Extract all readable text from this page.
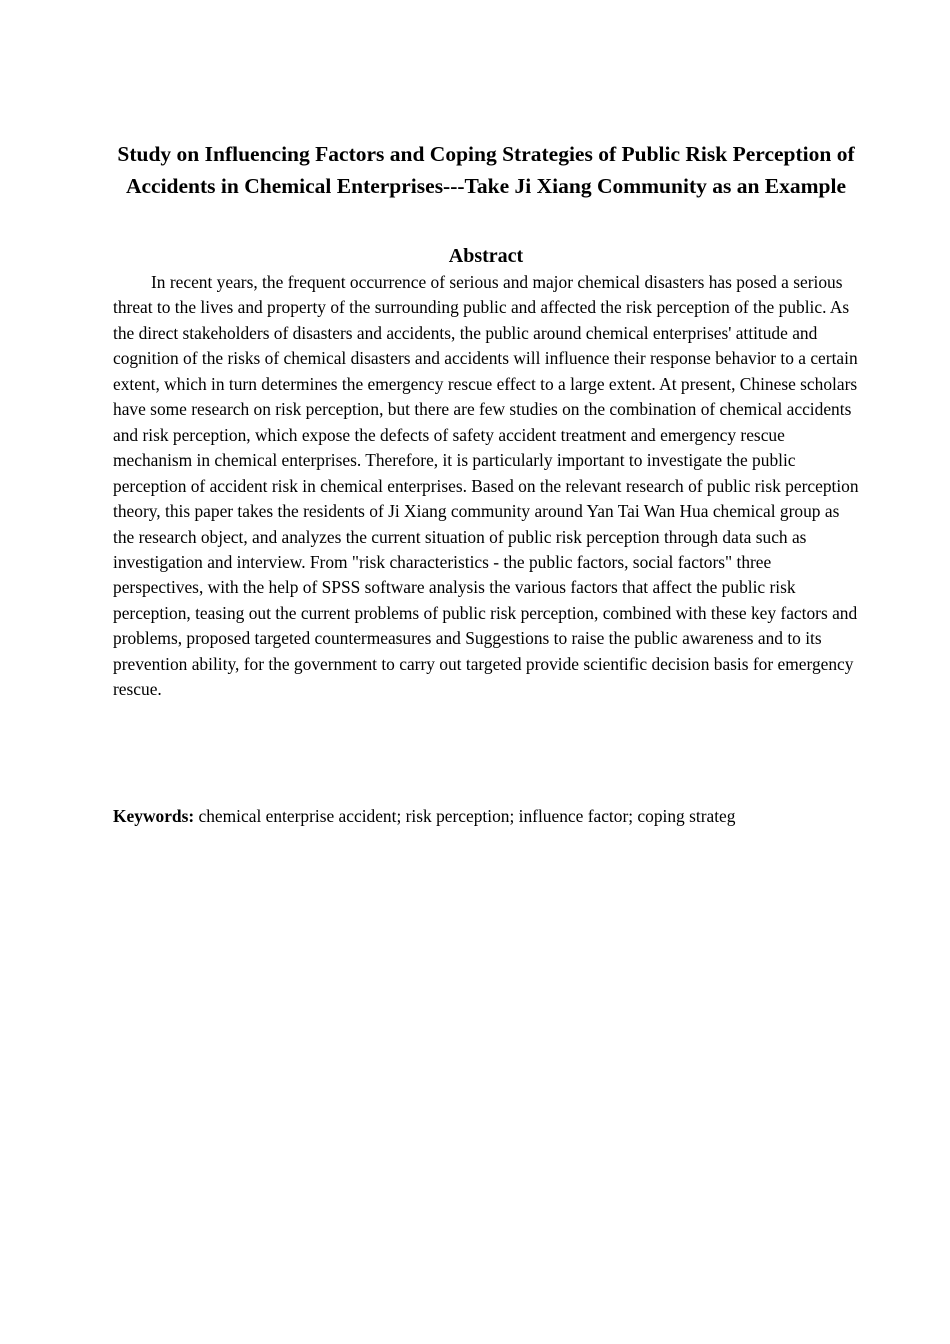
Study on Influencing Factors and Coping Strategies of Public Risk Perception of Accidents in Chemical Enterprises---Take Ji Xiang Community as an Example
Abstract

In recent years, the frequent occurrence of serious and major chemical disasters has posed a serious threat to the lives and property of the surrounding public and affected the risk perception of the public. As the direct stakeholders of disasters and accidents, the public around chemical enterprises' attitude and cognition of the risks of chemical disasters and accidents will influence their response behavior to a certain extent, which in turn determines the emergency rescue effect to a large extent. At present, Chinese scholars have some research on risk perception, but there are few studies on the combination of chemical accidents and risk perception, which expose the defects of safety accident treatment and emergency rescue mechanism in chemical enterprises. Therefore, it is particularly important to investigate the public perception of accident risk in chemical enterprises. Based on the relevant research of public risk perception theory, this paper takes the residents of Ji Xiang community around Yan Tai Wan Hua chemical group as the research object, and analyzes the current situation of public risk perception through data such as investigation and interview. From "risk characteristics - the public factors, social factors" three perspectives, with the help of SPSS software analysis the various factors that affect the public risk perception, teasing out the current problems of public risk perception, combined with these key factors and problems, proposed targeted countermeasures and Suggestions to raise the public awareness and to its prevention ability, for the government to carry out targeted provide scientific decision basis for emergency rescue.

Keywords: chemical enterprise accident; risk perception; influence factor; coping strateg
